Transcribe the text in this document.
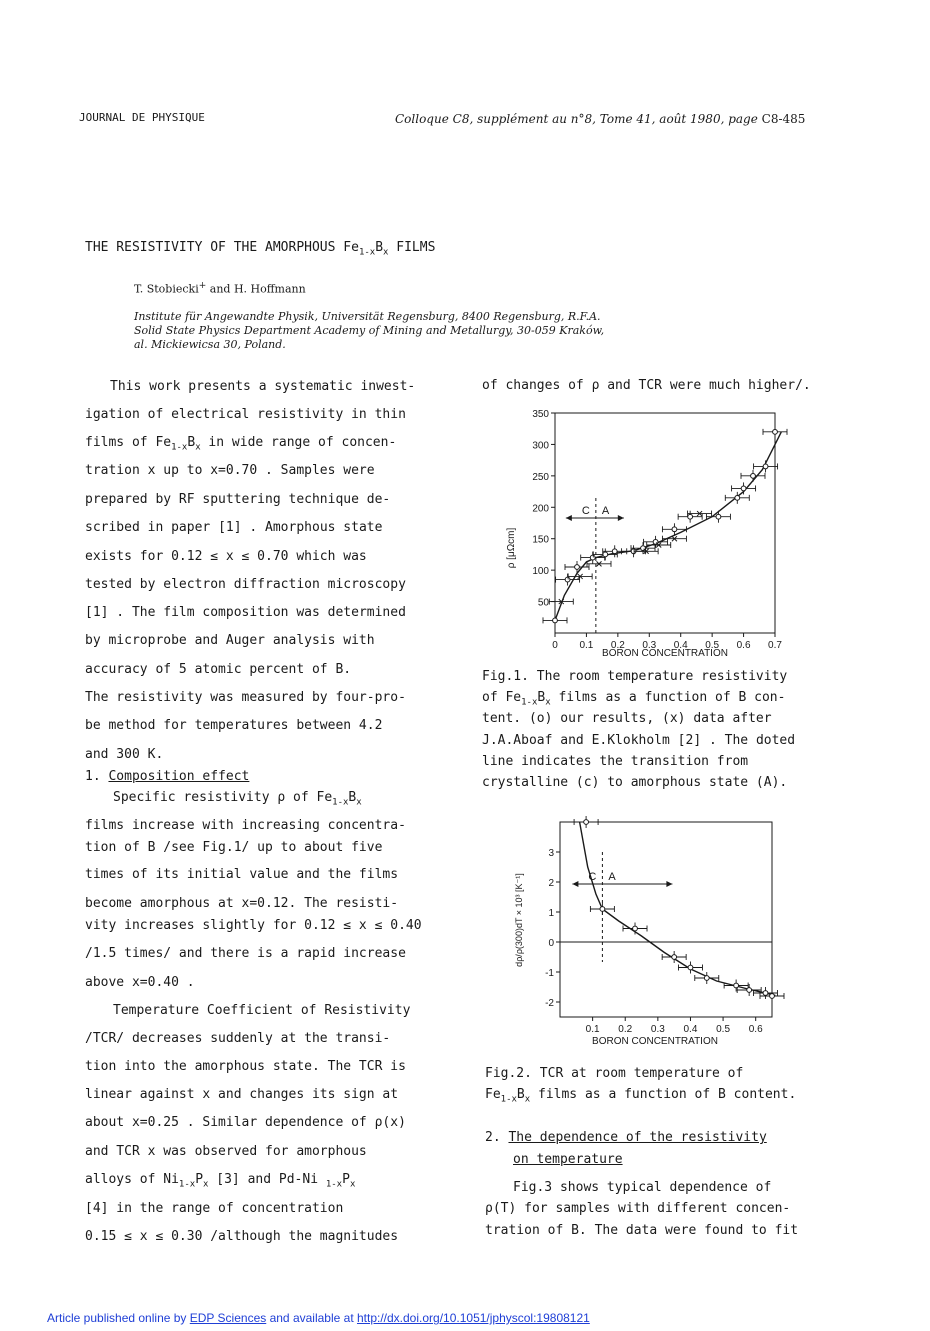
JOURNAL DE PHYSIQUE	Colloque C8, supplément au n°8, Tome 41, août 1980, page C8-485
THE RESISTIVITY OF THE AMORPHOUS $Fe_{1-x}B_x$ FILMS
T. Stobiecki+ and H. Hoffmann
Institute für Angewandte Physik, Universität Regensburg, 8400 Regensburg, R.F.A.
Solid State Physics Department Academy of Mining and Metallurgy, 30-059 Kraków,
al. Mickiewicsa 30, Poland.
This work presents a systematic inwest-
igation of electrical resistivity in thin
films of $Fe_{1-x}B_x$ in wide range of concen-
tration x up to x=0.70 . Samples were
prepared by RF sputtering technique de-
scribed in paper [1] . Amorphous state
exists for 0.12 ≤ x ≤ 0.70 which was
tested by electron diffraction microscopy
[1] . The film composition was determined
by microprobe and Auger analysis with
accuracy of 5 atomic percent of B.
The resistivity was measured by four-pro-
be method for temperatures between 4.2
and 300 K.
1. Composition effect
Specific resistivity ρ of $Fe_{1-x}B_x$
films increase with increasing concentra-
tion of B /see Fig.1/ up to about five
times of its initial value and the films
become amorphous at x=0.12. The resisti-
vity increases slightly for 0.12 ≤ x ≤ 0.40
/1.5 times/ and there is a rapid increase
above x=0.40 .
Temperature Coefficient of Resistivity
/TCR/ decreases suddenly at the transi-
tion into the amorphous state. The TCR is
linear against x and changes its sign at
about x=0.25 . Similar dependence of ρ(x)
and TCR x was observed for amorphous
alloys of $Ni_{1-x}P_x$ [3] and Pd-Ni $_{1-x}P_x$
[4] in the range of concentration
0.15 ≤ x ≤ 0.30 /although the magnitudes
of changes of ρ and TCR were much higher/.
50
100
150
200
250
300
350
0 0.1 0.2 0.3 0.4 0.5 0.6 0.7
C A
BORON CONCENTRATION
ρ [μΩcm]
Fig.1. The room temperature resistivity
of $Fe_{1-x}B_x$ films as a function of B con-
tent. (o) our results, (x) data after
J.A.Aboaf and E.Klokholm [2] . The doted
line indicates the transition from
crystalline (c) to amorphous state (A).
3
2
1
0
-1
-2
0.1 0.2 0.3 0.4 0.5 0.6
C A
BORON CONCENTRATION
dρ/ρ(300)dT × 10³ [K⁻¹]
Fig.2. TCR at room temperature of
$Fe_{1-x}B_x$ films as a function of B content.
2. The dependence of the resistivity
on temperature
Fig.3 shows typical dependence of
ρ(T) for samples with different concen-
tration of B. The data were found to fit
Article published online by EDP Sciences and available at http://dx.doi.org/10.1051/jphyscol:19808121
